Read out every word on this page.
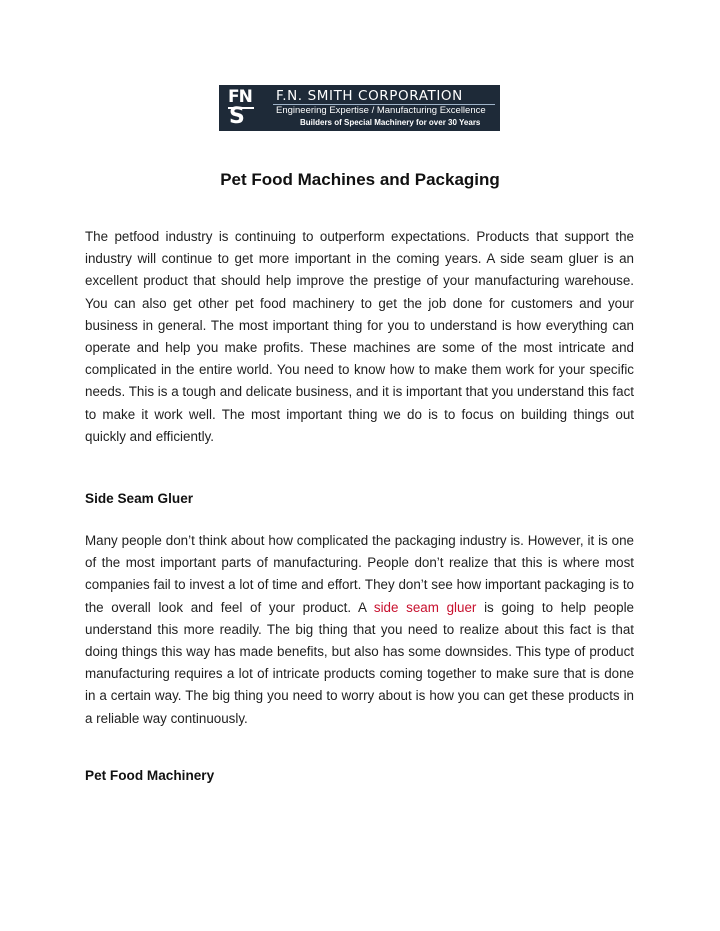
FN
S
F.N. SMITH CORPORATION
Engineering Expertise / Manufacturing Excellence
Builders of Special Machinery for over 30 Years
Pet Food Machines and Packaging
The petfood industry is continuing to outperform expectations. Products that support the industry will continue to get more important in the coming years. A side seam gluer is an excellent product that should help improve the prestige of your manufacturing warehouse. You can also get other pet food machinery to get the job done for customers and your business in general. The most important thing for you to understand is how everything can operate and help you make profits. These machines are some of the most intricate and complicated in the entire world. You need to know how to make them work for your specific needs. This is a tough and delicate business, and it is important that you understand this fact to make it work well. The most important thing we do is to focus on building things out quickly and efficiently.
Side Seam Gluer
Many people don’t think about how complicated the packaging industry is. However, it is one of the most important parts of manufacturing. People don’t realize that this is where most companies fail to invest a lot of time and effort. They don’t see how important packaging is to the overall look and feel of your product. A side seam gluer is going to help people understand this more readily. The big thing that you need to realize about this fact is that doing things this way has made benefits, but also has some downsides. This type of product manufacturing requires a lot of intricate products coming together to make sure that is done in a certain way. The big thing you need to worry about is how you can get these products in a reliable way continuously.
Pet Food Machinery
